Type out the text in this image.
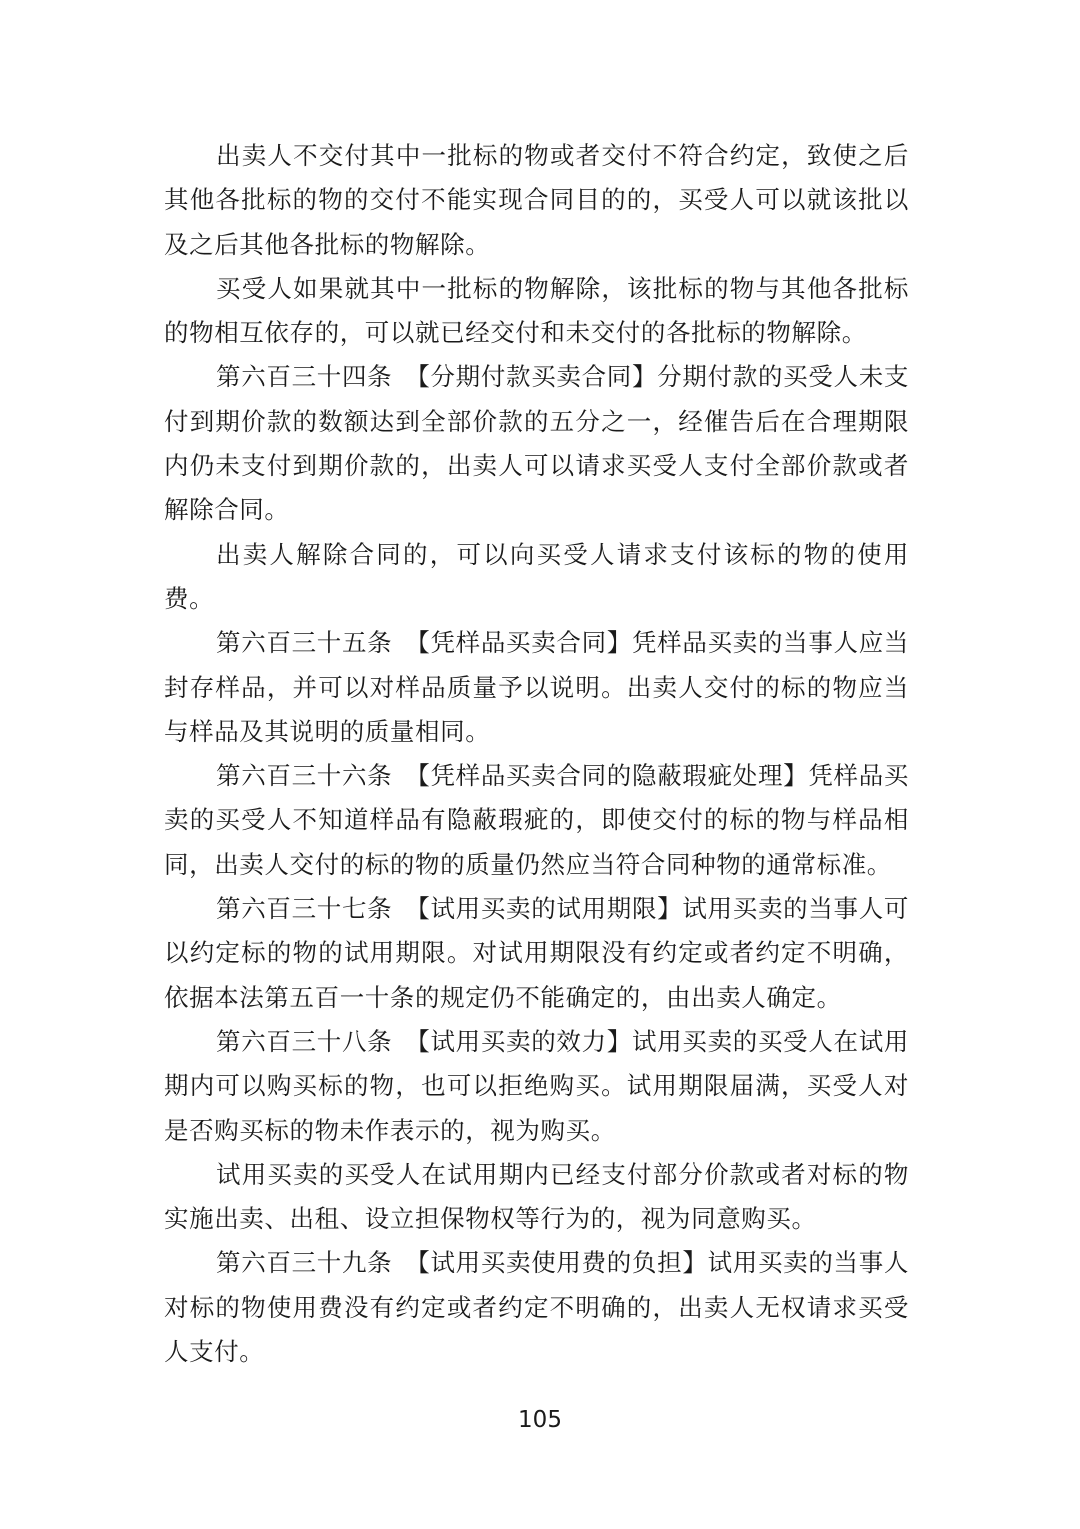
出卖人不交付其中一批标的物或者交付不符合约定，致使之后其他各批标的物的交付不能实现合同目的的，买受人可以就该批以及之后其他各批标的物解除。

买受人如果就其中一批标的物解除，该批标的物与其他各批标的物相互依存的，可以就已经交付和未交付的各批标的物解除。

第六百三十四条　【分期付款买卖合同】分期付款的买受人未支付到期价款的数额达到全部价款的五分之一，经催告后在合理期限内仍未支付到期价款的，出卖人可以请求买受人支付全部价款或者解除合同。

出卖人解除合同的，可以向买受人请求支付该标的物的使用费。

第六百三十五条　【凭样品买卖合同】凭样品买卖的当事人应当封存样品，并可以对样品质量予以说明。出卖人交付的标的物应当与样品及其说明的质量相同。

第六百三十六条　【凭样品买卖合同的隐蔽瑕疵处理】凭样品买卖的买受人不知道样品有隐蔽瑕疵的，即使交付的标的物与样品相同，出卖人交付的标的物的质量仍然应当符合同种物的通常标准。

第六百三十七条　【试用买卖的试用期限】试用买卖的当事人可以约定标的物的试用期限。对试用期限没有约定或者约定不明确，依据本法第五百一十条的规定仍不能确定的，由出卖人确定。

第六百三十八条　【试用买卖的效力】试用买卖的买受人在试用期内可以购买标的物，也可以拒绝购买。试用期限届满，买受人对是否购买标的物未作表示的，视为购买。

试用买卖的买受人在试用期内已经支付部分价款或者对标的物实施出卖、出租、设立担保物权等行为的，视为同意购买。

第六百三十九条　【试用买卖使用费的负担】试用买卖的当事人对标的物使用费没有约定或者约定不明确的，出卖人无权请求买受人支付。

105
